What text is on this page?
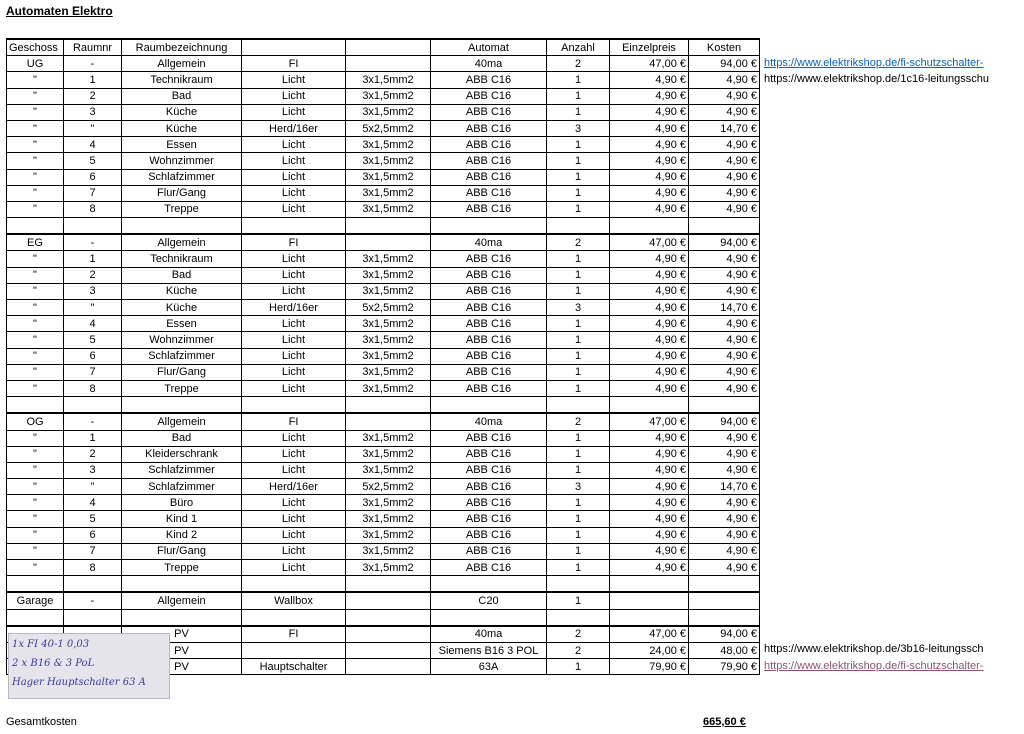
Automaten Elektro
Geschoss	Raumnr	Raumbezeichnung			Automat	Anzahl	Einzelpreis	Kosten
UG	-	Allgemein	FI		40ma	2	47,00 €	94,00 €
"	1	Technikraum	Licht	3x1,5mm2	ABB C16	1	4,90 €	4,90 €
"	2	Bad	Licht	3x1,5mm2	ABB C16	1	4,90 €	4,90 €
"	3	Küche	Licht	3x1,5mm2	ABB C16	1	4,90 €	4,90 €
"	"	Küche	Herd/16er	5x2,5mm2	ABB C16	3	4,90 €	14,70 €
"	4	Essen	Licht	3x1,5mm2	ABB C16	1	4,90 €	4,90 €
"	5	Wohnzimmer	Licht	3x1,5mm2	ABB C16	1	4,90 €	4,90 €
"	6	Schlafzimmer	Licht	3x1,5mm2	ABB C16	1	4,90 €	4,90 €
"	7	Flur/Gang	Licht	3x1,5mm2	ABB C16	1	4,90 €	4,90 €
"	8	Treppe	Licht	3x1,5mm2	ABB C16	1	4,90 €	4,90 €

EG	-	Allgemein	FI		40ma	2	47,00 €	94,00 €
"	1	Technikraum	Licht	3x1,5mm2	ABB C16	1	4,90 €	4,90 €
"	2	Bad	Licht	3x1,5mm2	ABB C16	1	4,90 €	4,90 €
"	3	Küche	Licht	3x1,5mm2	ABB C16	1	4,90 €	4,90 €
"	"	Küche	Herd/16er	5x2,5mm2	ABB C16	3	4,90 €	14,70 €
"	4	Essen	Licht	3x1,5mm2	ABB C16	1	4,90 €	4,90 €
"	5	Wohnzimmer	Licht	3x1,5mm2	ABB C16	1	4,90 €	4,90 €
"	6	Schlafzimmer	Licht	3x1,5mm2	ABB C16	1	4,90 €	4,90 €
"	7	Flur/Gang	Licht	3x1,5mm2	ABB C16	1	4,90 €	4,90 €
"	8	Treppe	Licht	3x1,5mm2	ABB C16	1	4,90 €	4,90 €

OG	-	Allgemein	FI		40ma	2	47,00 €	94,00 €
"	1	Bad	Licht	3x1,5mm2	ABB C16	1	4,90 €	4,90 €
"	2	Kleiderschrank	Licht	3x1,5mm2	ABB C16	1	4,90 €	4,90 €
"	3	Schlafzimmer	Licht	3x1,5mm2	ABB C16	1	4,90 €	4,90 €
"	"	Schlafzimmer	Herd/16er	5x2,5mm2	ABB C16	3	4,90 €	14,70 €
"	4	Büro	Licht	3x1,5mm2	ABB C16	1	4,90 €	4,90 €
"	5	Kind 1	Licht	3x1,5mm2	ABB C16	1	4,90 €	4,90 €
"	6	Kind 2	Licht	3x1,5mm2	ABB C16	1	4,90 €	4,90 €
"	7	Flur/Gang	Licht	3x1,5mm2	ABB C16	1	4,90 €	4,90 €
"	8	Treppe	Licht	3x1,5mm2	ABB C16	1	4,90 €	4,90 €

Garage	-	Allgemein	Wallbox		C20	1		

		PV	FI		40ma	2	47,00 €	94,00 €
		PV			Siemens B16 3 POL	2	24,00 €	48,00 €
		PV	Hauptschalter		63A	1	79,90 €	79,90 €
https://www.elektrikshop.de/fi-schutzschalter-
https://www.elektrikshop.de/1c16-leitungsschu
https://www.elektrikshop.de/3b16-leitungssch
https://www.elektrikshop.de/fi-schutzschalter-
1x FI 40-1 0,03
2 x B16 & 3 PoL
Hager Hauptschalter 63 A
Gesamtkosten	665,60 €
